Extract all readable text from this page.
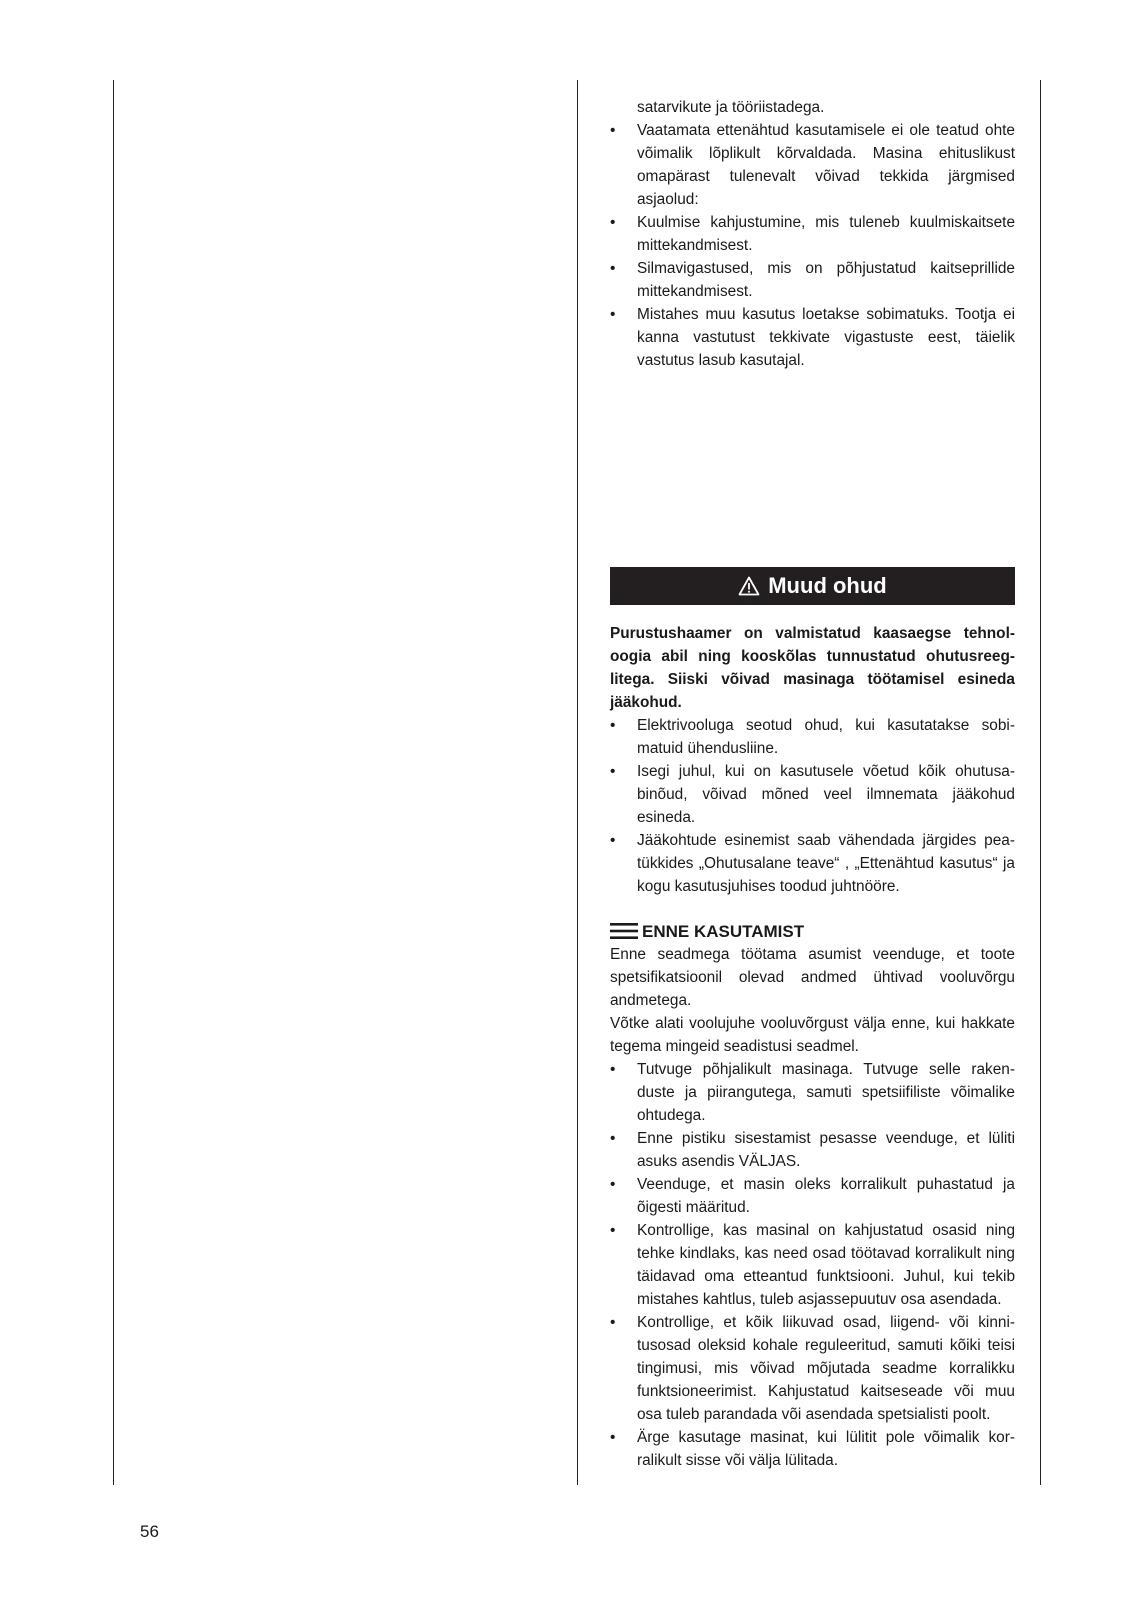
satarvikute ja tööriistadega.

• Vaatamata ettenähtud kasutamisele ei ole teatud ohte võimalik lõplikult kõrvaldada. Masina ehituslikust omapärast tulenevalt võivad tekkida järgmised asjaolud:
• Kuulmise kahjustumine, mis tuleneb kuulmiskaitsete mittekandmisest.
• Silmavigastused, mis on põhjustatud kaitseprillide mittekandmisest.
• Mistahes muu kasutus loetakse sobimatuks. Tootja ei kanna vastutust tekkivate vigastuste eest, täielik vastutus lasub kasutajal.
Muud ohud

Purustushaamer on valmistatud kaasaegse tehnoloogia abil ning kooskõlas tunnustatud ohutusreeglitega. Siiski võivad masinaga töötamisel esineda jääkohud.

• Elektrivooluga seotud ohud, kui kasutatakse sobimatuid ühendusliine.
• Isegi juhul, kui on kasutusele võetud kõik ohutusabinõud, võivad mõned veel ilmnemata jääkohud esineda.
• Jääkohtude esinemist saab vähendada järgides peatükkides „Ohutusalane teave“ , „Ettenähtud kasutus“ ja kogu kasutusjuhises toodud juhtnööre.
ENNE KASUTAMIST

Enne seadmega töötama asumist veenduge, et toote spetsifikatsioonil olevad andmed ühtivad vooluvõrgu andmetega.

Võtke alati voolujuhe vooluvõrgust välja enne, kui hakkate tegema mingeid seadistusi seadmel.

• Tutvuge põhjalikult masinaga. Tutvuge selle rakenduste ja piirangutega, samuti spetsiifiliste võimalike ohtudega.
• Enne pistiku sisestamist pesasse veenduge, et lüliti asuks asendis VÄLJAS.
• Veenduge, et masin oleks korralikult puhastatud ja õigesti määritud.
• Kontrollige, kas masinal on kahjustatud osasid ning tehke kindlaks, kas need osad töötavad korralikult ning täidavad oma etteantud funktsiooni. Juhul, kui tekib mistahes kahtlus, tuleb asjassepuutuv osa asendada.
• Kontrollige, et kõik liikuvad osad, liigend- või kinnitusosad oleksid kohale reguleeritud, samuti kõiki teisi tingimusi, mis võivad mõjutada seadme korralikku funktsioneerimist. Kahjustatud kaitseseade või muu osa tuleb parandada või asendada spetsialisti poolt.
• Ärge kasutage masinat, kui lülitit pole võimalik korralikult sisse või välja lülitada.
56
